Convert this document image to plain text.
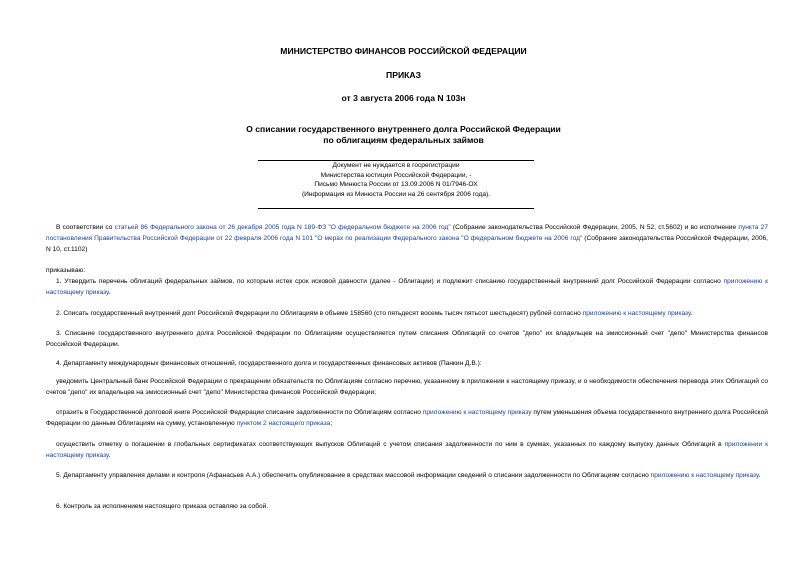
МИНИСТЕРСТВО ФИНАНСОВ РОССИЙСКОЙ ФЕДЕРАЦИИ
ПРИКАЗ
от 3 августа 2006 года N 103н
О списании государственного внутреннего долга Российской Федерации
по облигациям федеральных займов
Документ не нуждается в госрегистрации
Министерства юстиции Российской Федерации, -
Письмо Минюста России от 13.09.2006 N 01/7946-ОХ
(Информация из Минюста России на 26 сентября 2006 года).
В соответствии со статьей 86 Федерального закона от 26 декабря 2005 года N 189-ФЗ "О федеральном бюджете на 2006 год" (Собрание законодательства Российской Федерации, 2005, N 52, ст.5602) и во исполнение пункта 27 постановления Правительства Российской Федерации от 22 февраля 2006 года N 101 "О мерах по реализации Федерального закона "О федеральном бюджете на 2006 год" (Собрание законодательства Российской Федерации, 2006, N 10, ст.1102)
приказываю:
1. Утвердить перечень облигаций федеральных займов, по которым истек срок исковой давности (далее - Облигации) и подлежит списанию государственный внутренний долг Российской Федерации согласно приложению к настоящему приказу.
2. Списать государственный внутренний долг Российской Федерации по Облигациям в объеме 158560 (сто пятьдесят восемь тысяч пятьсот шестьдесят) рублей согласно приложению к настоящему приказу.
3. Списание государственного внутреннего долга Российской Федерации по Облигациям осуществляется путем списания Облигаций со счетов "депо" их владельцев на эмиссионный счет "депо" Министерства финансов Российской Федерации.
4. Департаменту международных финансовых отношений, государственного долга и государственных финансовых активов (Панкин Д.В.):
уведомить Центральный банк Российской Федерации о прекращении обязательств по Облигациям согласно перечню, указанному в приложении к настоящему приказу, и о необходимости обеспечения перевода этих Облигаций со счетов "депо" их владельцев на эмиссионный счет "депо" Министерства финансов Российской Федерации;
отразить в Государственной долговой книге Российской Федерации списание задолженности по Облигациям согласно приложению к настоящему приказу путем уменьшения объема государственного внутреннего долга Российской Федерации по данным Облигациям на сумму, установленную пунктом 2 настоящего приказа;
осуществить отметку о погашении в глобальных сертификатах соответствующих выпусков Облигаций с учетом списания задолженности по ним в суммах, указанных по каждому выпуску данных Облигаций в приложении к настоящему приказу.
5. Департаменту управления делами и контроля (Афанасьев А.А.) обеспечить опубликование в средствах массовой информации сведений о списании задолженности по Облигациям согласно приложению к настоящему приказу.
6. Контроль за исполнением настоящего приказа оставляю за собой.
